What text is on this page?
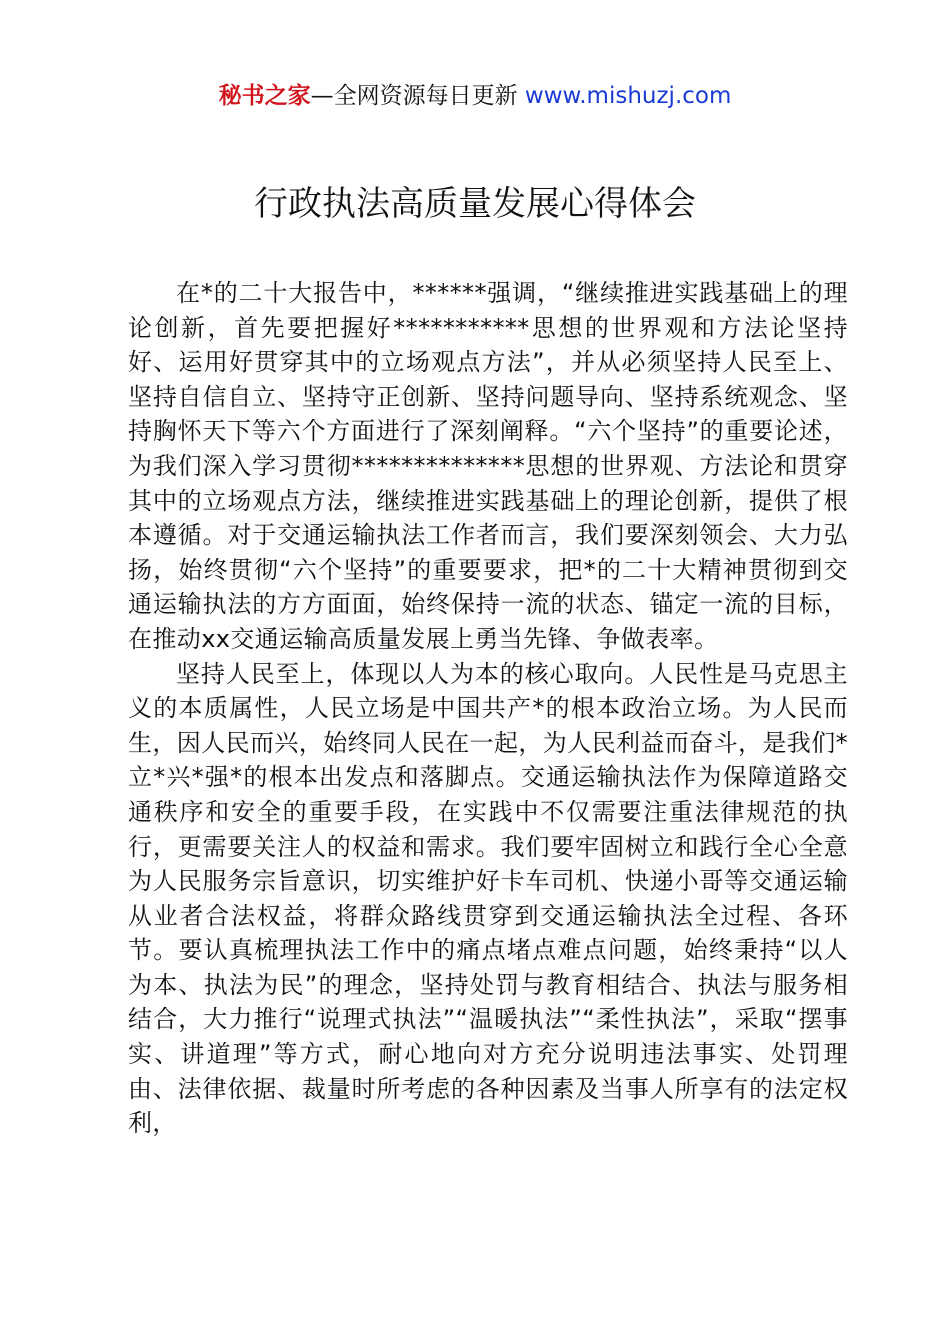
秘书之家—全网资源每日更新 www.mishuzj.com
行政执法高质量发展心得体会

在*的二十大报告中，******强调，“继续推进实践基础上的理论创新，首先要把握好***********思想的世界观和方法论坚持好、运用好贯穿其中的立场观点方法”，并从必须坚持人民至上、坚持自信自立、坚持守正创新、坚持问题导向、坚持系统观念、坚持胸怀天下等六个方面进行了深刻阐释。“六个坚持”的重要论述，为我们深入学习贯彻**************思想的世界观、方法论和贯穿其中的立场观点方法，继续推进实践基础上的理论创新，提供了根本遵循。对于交通运输执法工作者而言，我们要深刻领会、大力弘扬，始终贯彻“六个坚持”的重要要求，把*的二十大精神贯彻到交通运输执法的方方面面，始终保持一流的状态、锚定一流的目标，在推动xx交通运输高质量发展上勇当先锋、争做表率。

坚持人民至上，体现以人为本的核心取向。人民性是马克思主义的本质属性，人民立场是中国共产*的根本政治立场。为人民而生，因人民而兴，始终同人民在一起，为人民利益而奋斗，是我们*立*兴*强*的根本出发点和落脚点。交通运输执法作为保障道路交通秩序和安全的重要手段，在实践中不仅需要注重法律规范的执行，更需要关注人的权益和需求。我们要牢固树立和践行全心全意为人民服务宗旨意识，切实维护好卡车司机、快递小哥等交通运输从业者合法权益，将群众路线贯穿到交通运输执法全过程、各环节。要认真梳理执法工作中的痛点堵点难点问题，始终秉持“以人为本、执法为民”的理念，坚持处罚与教育相结合、执法与服务相结合，大力推行“说理式执法”“温暖执法”“柔性执法”，采取“摆事实、讲道理”等方式，耐心地向对方充分说明违法事实、处罚理由、法律依据、裁量时所考虑的各种因素及当事人所享有的法定权利，
